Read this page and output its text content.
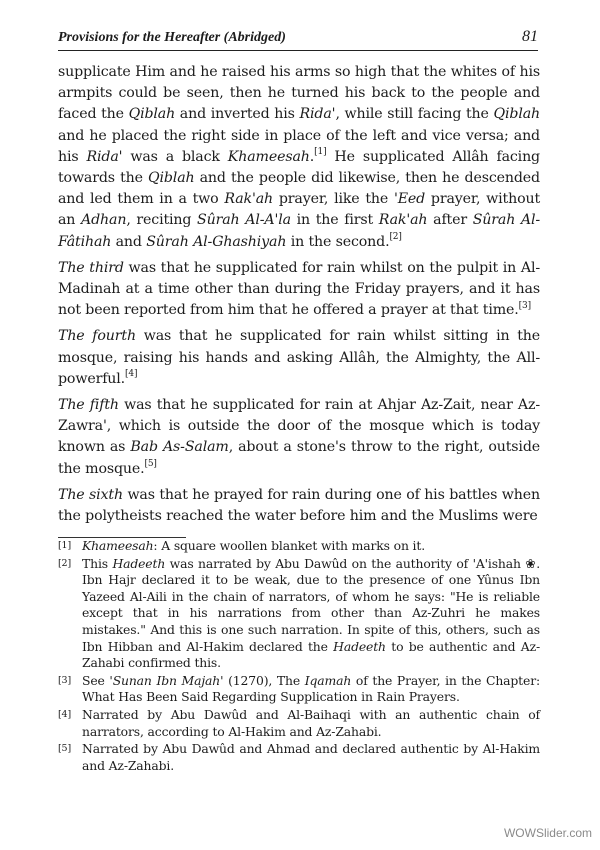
Provisions for the Hereafter (Abridged)	81

supplicate Him and he raised his arms so high that the whites of his armpits could be seen, then he turned his back to the people and faced the Qiblah and inverted his Rida', while still facing the Qiblah and he placed the right side in place of the left and vice versa; and his Rida' was a black Khameesah.[1] He supplicated Allâh facing towards the Qiblah and the people did likewise, then he descended and led them in a two Rak'ah prayer, like the 'Eed prayer, without an Adhan, reciting Sûrah Al-A'la in the first Rak'ah after Sûrah Al-Fâtihah and Sûrah Al-Ghashiyah in the second.[2]

The third was that he supplicated for rain whilst on the pulpit in Al-Madinah at a time other than during the Friday prayers, and it has not been reported from him that he offered a prayer at that time.[3]

The fourth was that he supplicated for rain whilst sitting in the mosque, raising his hands and asking Allâh, the Almighty, the All-powerful.[4]

The fifth was that he supplicated for rain at Ahjar Az-Zait, near Az-Zawra', which is outside the door of the mosque which is today known as Bab As-Salam, about a stone's throw to the right, outside the mosque.[5]

The sixth was that he prayed for rain during one of his battles when the polytheists reached the water before him and the Muslims were

[1] Khameesah: A square woollen blanket with marks on it.
[2] This Hadeeth was narrated by Abu Dawûd on the authority of 'A'ishah ❀. Ibn Hajr declared it to be weak, due to the presence of one Yûnus Ibn Yazeed Al-Aili in the chain of narrators, of whom he says: "He is reliable except that in his narrations from other than Az-Zuhri he makes mistakes." And this is one such narration. In spite of this, others, such as Ibn Hibban and Al-Hakim declared the Hadeeth to be authentic and Az-Zahabi confirmed this.
[3] See 'Sunan Ibn Majah' (1270), The Iqamah of the Prayer, in the Chapter: What Has Been Said Regarding Supplication in Rain Prayers.
[4] Narrated by Abu Dawûd and Al-Baihaqi with an authentic chain of narrators, according to Al-Hakim and Az-Zahabi.
[5] Narrated by Abu Dawûd and Ahmad and declared authentic by Al-Hakim and Az-Zahabi.
WOWSlider.com
